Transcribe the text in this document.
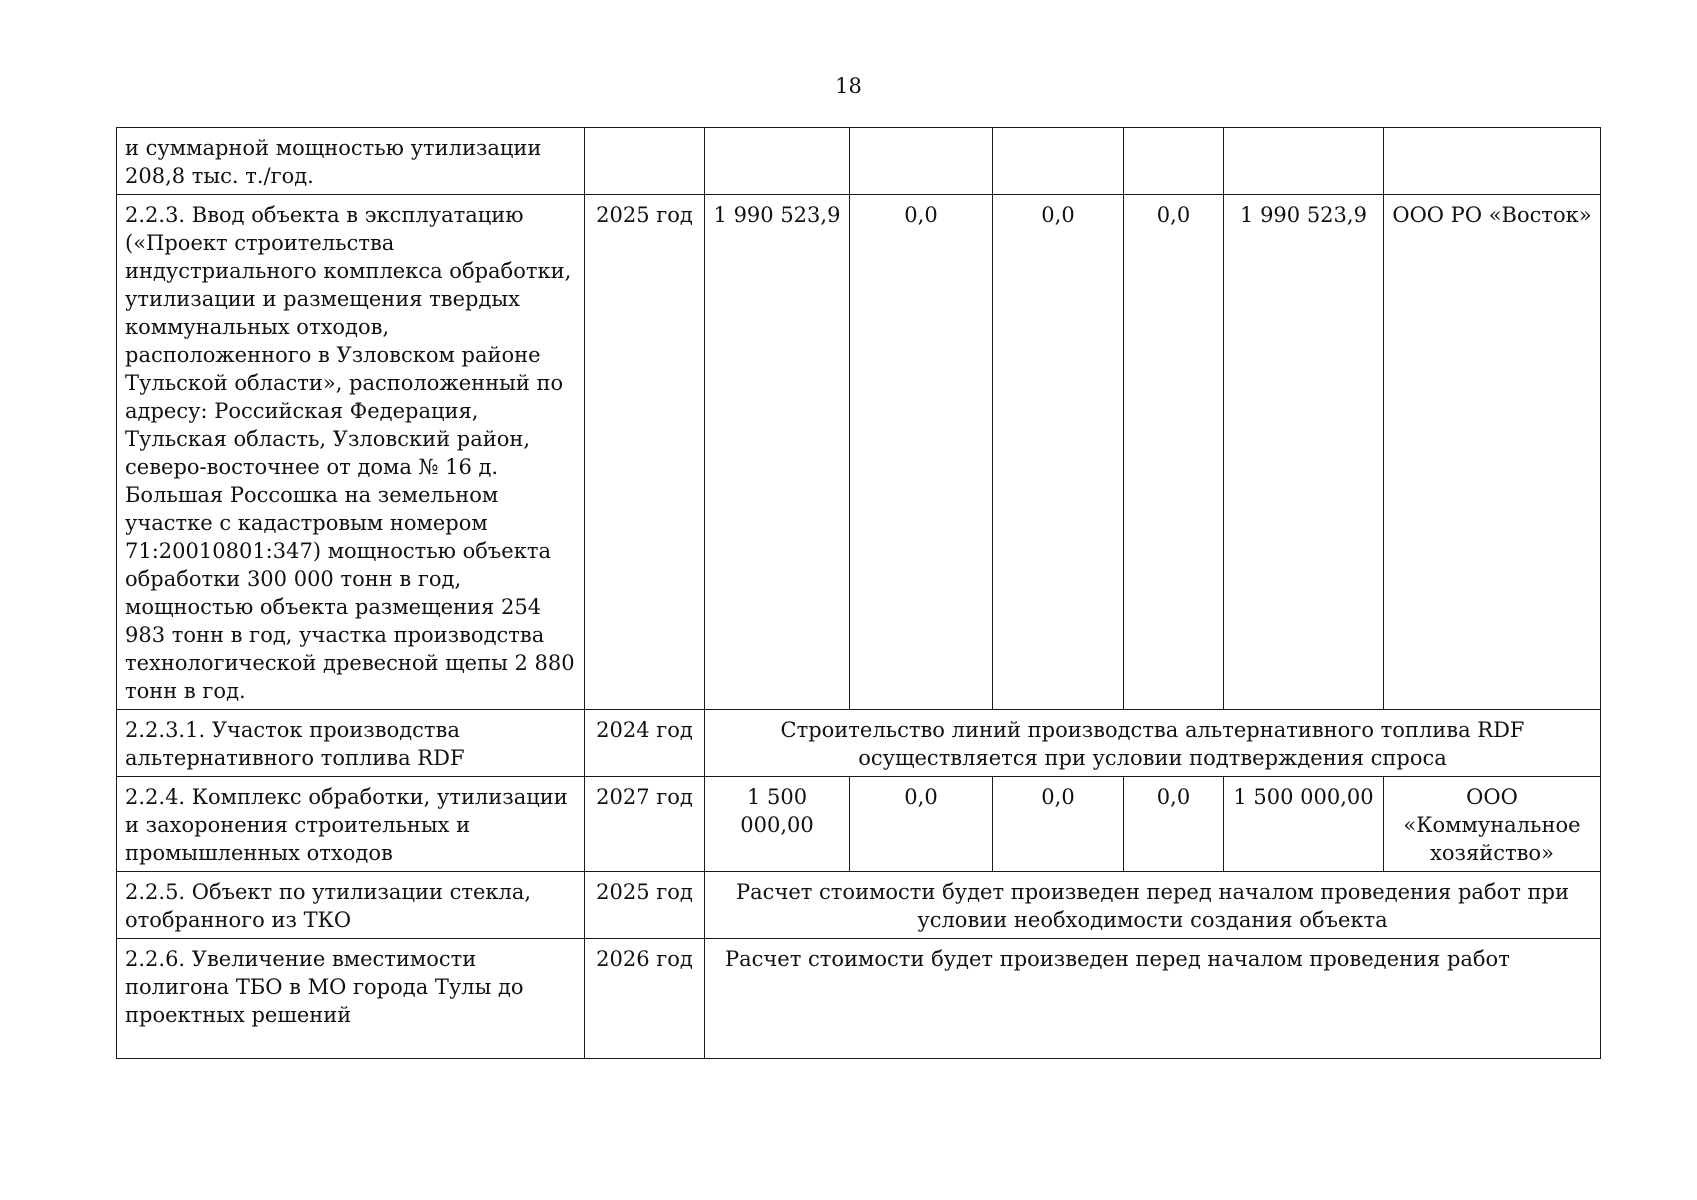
18
и суммарной мощностью утилизации 208,8 тыс. т./год.							
2.2.3. Ввод объекта в эксплуатацию («Проект строительства индустриального комплекса обработки, утилизации и размещения твердых коммунальных отходов, расположенного в Узловском районе Тульской области», расположенный по адресу: Российская Федерация, Тульская область, Узловский район, северо-восточнее от дома № 16 д. Большая Россошка на земельном участке с кадастровым номером 71:20010801:347) мощностью объекта обработки 300 000 тонн в год, мощностью объекта размещения 254 983 тонн в год, участка производства технологической древесной щепы 2 880 тонн в год.	2025 год	1 990 523,9	0,0	0,0	0,0	1 990 523,9	ООО РО «Восток»
2.2.3.1. Участок производства альтернативного топлива RDF	2024 год	Строительство линий производства альтернативного топлива RDF осуществляется при условии подтверждения спроса					
2.2.4. Комплекс обработки, утилизации и захоронения строительных и промышленных отходов	2027 год	1 500 000,00	0,0	0,0	0,0	1 500 000,00	ООО «Коммунальное хозяйство»
2.2.5. Объект по утилизации стекла, отобранного из ТКО	2025 год	Расчет стоимости будет произведен перед началом проведения работ при условии необходимости создания объекта					
2.2.6. Увеличение вместимости полигона ТБО в МО города Тулы до проектных решений	2026 год	Расчет стоимости будет произведен перед началом проведения работ					
